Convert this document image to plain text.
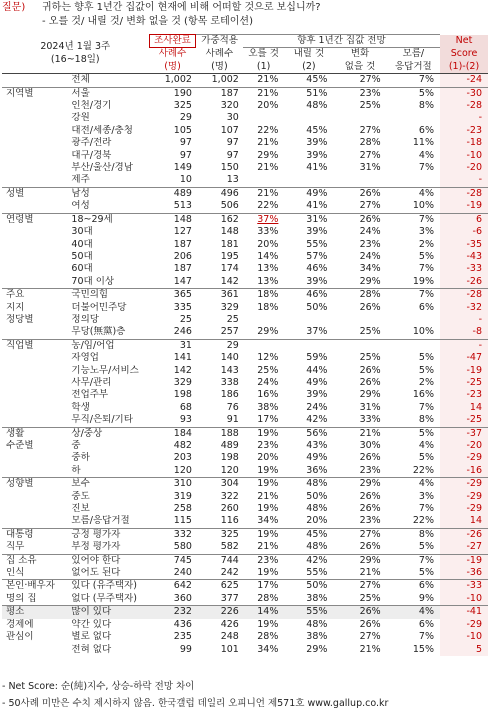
질문) 귀하는 향후 1년간 집값이 현재에 비해 어떠할 것으로 보십니까?
- 오를 것/ 내릴 것/ 변화 없을 것 (항목 로테이션)
2024년 1월 3주
(16~18일)		조사완료	가중적용	향후 1년간 집값 전망				Net
		사례수	사례수	오를 것	내릴 것	변화	모름/	Score
		(명)	(명)	(1)	(2)	없을 것	응답거절	(1)-(2)
	전체	1,002	1,002	21%	45%	27%	7%	-24
지역별	서울	190	187	21%	51%	23%	5%	-30
	인천/경기	325	320	20%	48%	25%	8%	-28
	강원	29	30					-
	대전/세종/충청	105	107	22%	45%	27%	6%	-23
	광주/전라	97	97	21%	39%	28%	11%	-18
	대구/경북	97	97	29%	39%	27%	4%	-10
	부산/울산/경남	149	150	21%	41%	31%	7%	-20
	제주	10	13					-
성별	남성	489	496	21%	49%	26%	4%	-28
	여성	513	506	22%	41%	27%	10%	-19
연령별	18~29세	148	162	37%	31%	26%	7%	6
	30대	127	148	33%	39%	24%	3%	-6
	40대	187	181	20%	55%	23%	2%	-35
	50대	206	195	14%	57%	24%	5%	-43
	60대	187	174	13%	46%	34%	7%	-33
	70대 이상	147	142	13%	39%	29%	19%	-26
주요	국민의힘	365	361	18%	46%	28%	7%	-28
지지	더불어민주당	335	329	18%	50%	26%	6%	-32
정당별	정의당	25	25					-
	무당(無黨)층	246	257	29%	37%	25%	10%	-8
직업별	농/임/어업	31	29					-
	자영업	141	140	12%	59%	25%	5%	-47
	기능노무/서비스	142	143	25%	44%	26%	5%	-19
	사무/관리	329	338	24%	49%	26%	2%	-25
	전업주부	198	186	16%	39%	29%	16%	-23
	학생	68	76	38%	24%	31%	7%	14
	무직/은퇴/기타	93	91	17%	42%	33%	8%	-25
생활	상/중상	184	188	19%	56%	21%	5%	-37
수준별	중	482	489	23%	43%	30%	4%	-20
	중하	203	198	20%	49%	26%	5%	-29
	하	120	120	19%	36%	23%	22%	-16
성향별	보수	310	304	19%	48%	29%	4%	-29
	중도	319	322	21%	50%	26%	3%	-29
	진보	258	260	19%	48%	26%	7%	-29
	모름/응답거절	115	116	34%	20%	23%	22%	14
대통령	긍정 평가자	332	325	19%	45%	27%	8%	-26
직무	부정 평가자	580	582	21%	48%	26%	5%	-27
집 소유	있어야 한다	745	744	23%	42%	29%	7%	-19
인식	없어도 된다	240	242	19%	55%	21%	5%	-36
본인·배우자	있다 (유주택자)	642	625	17%	50%	27%	6%	-33
명의 집	없다 (무주택자)	360	377	28%	38%	25%	9%	-10
평소	많이 있다	232	226	14%	55%	26%	4%	-41
경제에	약간 있다	436	426	19%	48%	26%	6%	-29
관심이	별로 없다	235	248	28%	38%	27%	7%	-10
	전혀 없다	99	101	34%	29%	21%	15%	5
- Net Score: 순(純)지수, 상승-하락 전망 차이
- 50사례 미만은 수치 제시하지 않음. 한국갤럽 데일리 오피니언 제571호 www.gallup.co.kr
